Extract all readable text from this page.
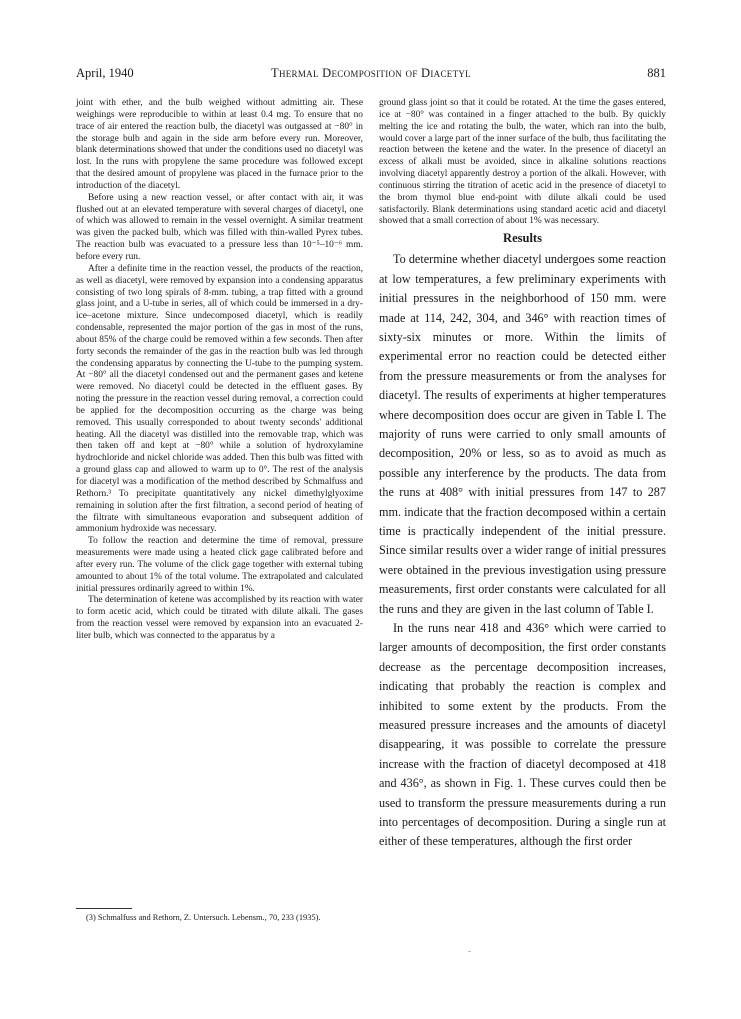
April, 1940	Thermal Decomposition of Diacetyl	881

joint with ether, and the bulb weighed without admitting air. These weighings were reproducible to within at least 0.4 mg. To ensure that no trace of air entered the reaction bulb, the diacetyl was outgassed at −80° in the storage bulb and again in the side arm before every run. Moreover, blank determinations showed that under the conditions used no diacetyl was lost. In the runs with propylene the same procedure was followed except that the desired amount of propylene was placed in the furnace prior to the introduction of the diacetyl.

Before using a new reaction vessel, or after contact with air, it was flushed out at an elevated temperature with several charges of diacetyl, one of which was allowed to remain in the vessel overnight. A similar treatment was given the packed bulb, which was filled with thin-walled Pyrex tubes. The reaction bulb was evacuated to a pressure less than 10⁻⁵–10⁻⁶ mm. before every run.

After a definite time in the reaction vessel, the products of the reaction, as well as diacetyl, were removed by expansion into a condensing apparatus consisting of two long spirals of 8-mm. tubing, a trap fitted with a ground glass joint, and a U-tube in series, all of which could be immersed in a dry-ice–acetone mixture. Since undecomposed diacetyl, which is readily condensable, represented the major portion of the gas in most of the runs, about 85% of the charge could be removed within a few seconds. Then after forty seconds the remainder of the gas in the reaction bulb was led through the condensing apparatus by connecting the U-tube to the pumping system. At −80° all the diacetyl condensed out and the permanent gases and ketene were removed. No diacetyl could be detected in the effluent gases. By noting the pressure in the reaction vessel during removal, a correction could be applied for the decomposition occurring as the charge was being removed. This usually corresponded to about twenty seconds' additional heating. All the diacetyl was distilled into the removable trap, which was then taken off and kept at −80° while a solution of hydroxylamine hydrochloride and nickel chloride was added. Then this bulb was fitted with a ground glass cap and allowed to warm up to 0°. The rest of the analysis for diacetyl was a modification of the method described by Schmalfuss and Rethorn.³ To precipitate quantitatively any nickel dimethylglyoxime remaining in solution after the first filtration, a second period of heating of the filtrate with simultaneous evaporation and subsequent addition of ammonium hydroxide was necessary.

To follow the reaction and determine the time of removal, pressure measurements were made using a heated click gage calibrated before and after every run. The volume of the click gage together with external tubing amounted to about 1% of the total volume. The extrapolated and calculated initial pressures ordinarily agreed to within 1%.

The determination of ketene was accomplished by its reaction with water to form acetic acid, which could be titrated with dilute alkali. The gases from the reaction vessel were removed by expansion into an evacuated 2-liter bulb, which was connected to the apparatus by a

(3) Schmalfuss and Rethorn, Z. Untersuch. Lebensm., 70, 233 (1935).

ground glass joint so that it could be rotated. At the time the gases entered, ice at −80° was contained in a finger attached to the bulb. By quickly melting the ice and rotating the bulb, the water, which ran into the bulb, would cover a large part of the inner surface of the bulb, thus facilitating the reaction between the ketene and the water. In the presence of diacetyl an excess of alkali must be avoided, since in alkaline solutions reactions involving diacetyl apparently destroy a portion of the alkali. However, with continuous stirring the titration of acetic acid in the presence of diacetyl to the brom thymol blue end-point with dilute alkali could be used satisfactorily. Blank determinations using standard acetic acid and diacetyl showed that a small correction of about 1% was necessary.

Results

To determine whether diacetyl undergoes some reaction at low temperatures, a few preliminary experiments with initial pressures in the neighborhood of 150 mm. were made at 114, 242, 304, and 346° with reaction times of sixty-six minutes or more. Within the limits of experimental error no reaction could be detected either from the pressure measurements or from the analyses for diacetyl. The results of experiments at higher temperatures where decomposition does occur are given in Table I. The majority of runs were carried to only small amounts of decomposition, 20% or less, so as to avoid as much as possible any interference by the products. The data from the runs at 408° with initial pressures from 147 to 287 mm. indicate that the fraction decomposed within a certain time is practically independent of the initial pressure. Since similar results over a wider range of initial pressures were obtained in the previous investigation using pressure measurements, first order constants were calculated for all the runs and they are given in the last column of Table I.

In the runs near 418 and 436° which were carried to larger amounts of decomposition, the first order constants decrease as the percentage decomposition increases, indicating that probably the reaction is complex and inhibited to some extent by the products. From the measured pressure increases and the amounts of diacetyl disappearing, it was possible to correlate the pressure increase with the fraction of diacetyl decomposed at 418 and 436°, as shown in Fig. 1. These curves could then be used to transform the pressure measurements during a run into percentages of decomposition. During a single run at either of these temperatures, although the first order
